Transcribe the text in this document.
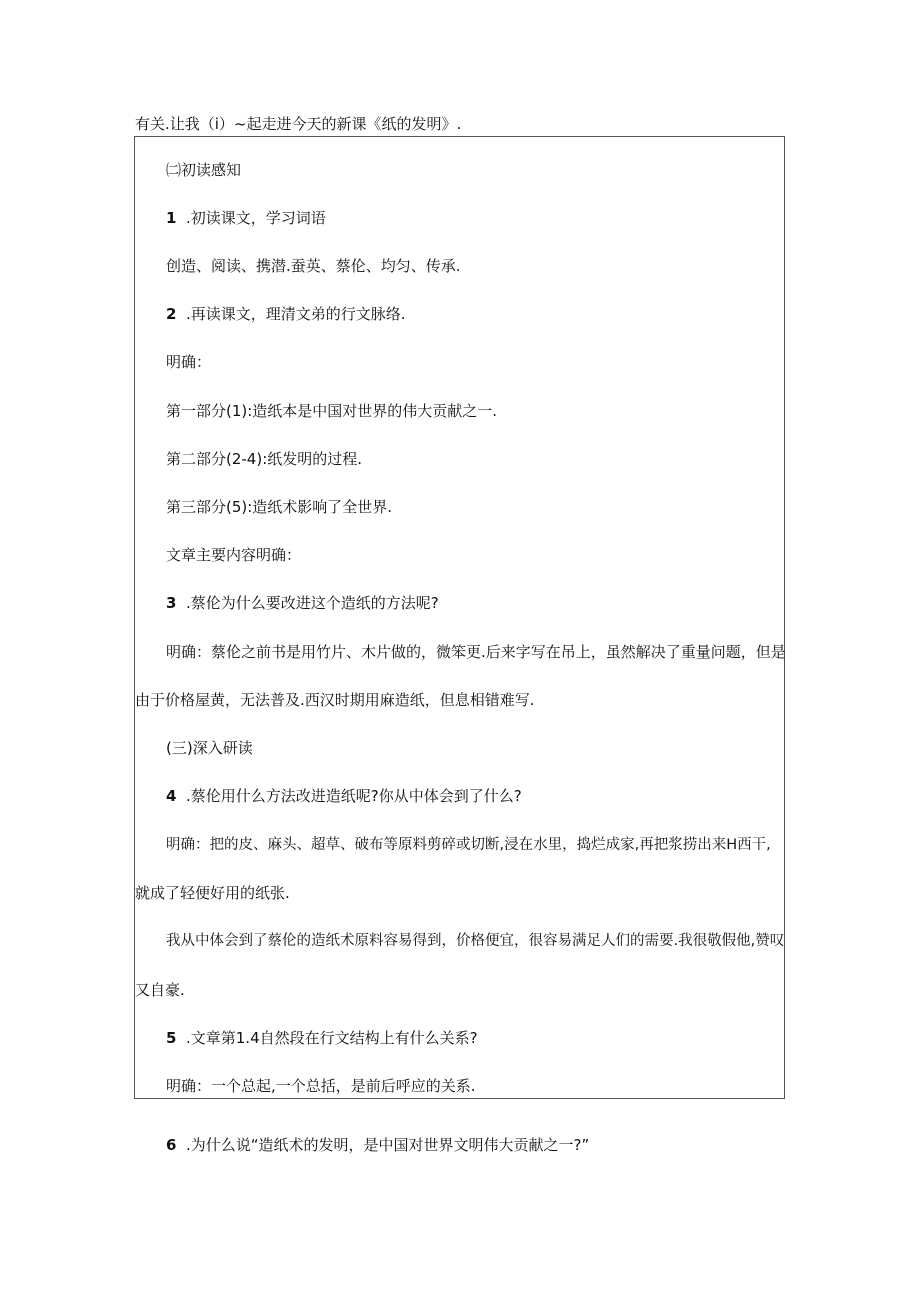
有关.让我（i）~起走进今天的新课《纸的发明》.
㈡初读感知
1 .初读课文，学习词语
创造、阅读、携潜.蚕英、蔡伦、均匀、传承.
2 .再读课文，理清文弟的行文脉络.
明确：
第一部分(1):造纸本是中国对世界的伟大贡献之一.
第二部分(2-4):纸发明的过程.
第三部分(5):造纸术影响了全世界.
文章主要内容明确：
3 .蔡伦为什么要改进这个造纸的方法呢?
明确：蔡伦之前书是用竹片、木片做的，微笨更.后来字写在吊上，虽然解决了重量问题，但是
由于价格屋黄，无法普及.西汉时期用麻造纸，但息相错难写.
(三)深入研读
4 .蔡伦用什么方法改进造纸呢?你从中体会到了什么?
明确：把的皮、麻头、超草、破布等原料剪碎或切断,浸在水里，捣烂成家,再把浆捞出来H西干,
就成了轻便好用的纸张.
我从中体会到了蔡伦的造纸术原料容易得到，价格便宜，很容易满足人们的需要.我很敬假他,赞叹
又自豪.
5 .文章第1.4自然段在行文结构上有什么关系?
明确：一个总起,一个总括，是前后呼应的关系.
6 .为什么说“造纸术的发明，是中国对世界文明伟大贡献之一?”
